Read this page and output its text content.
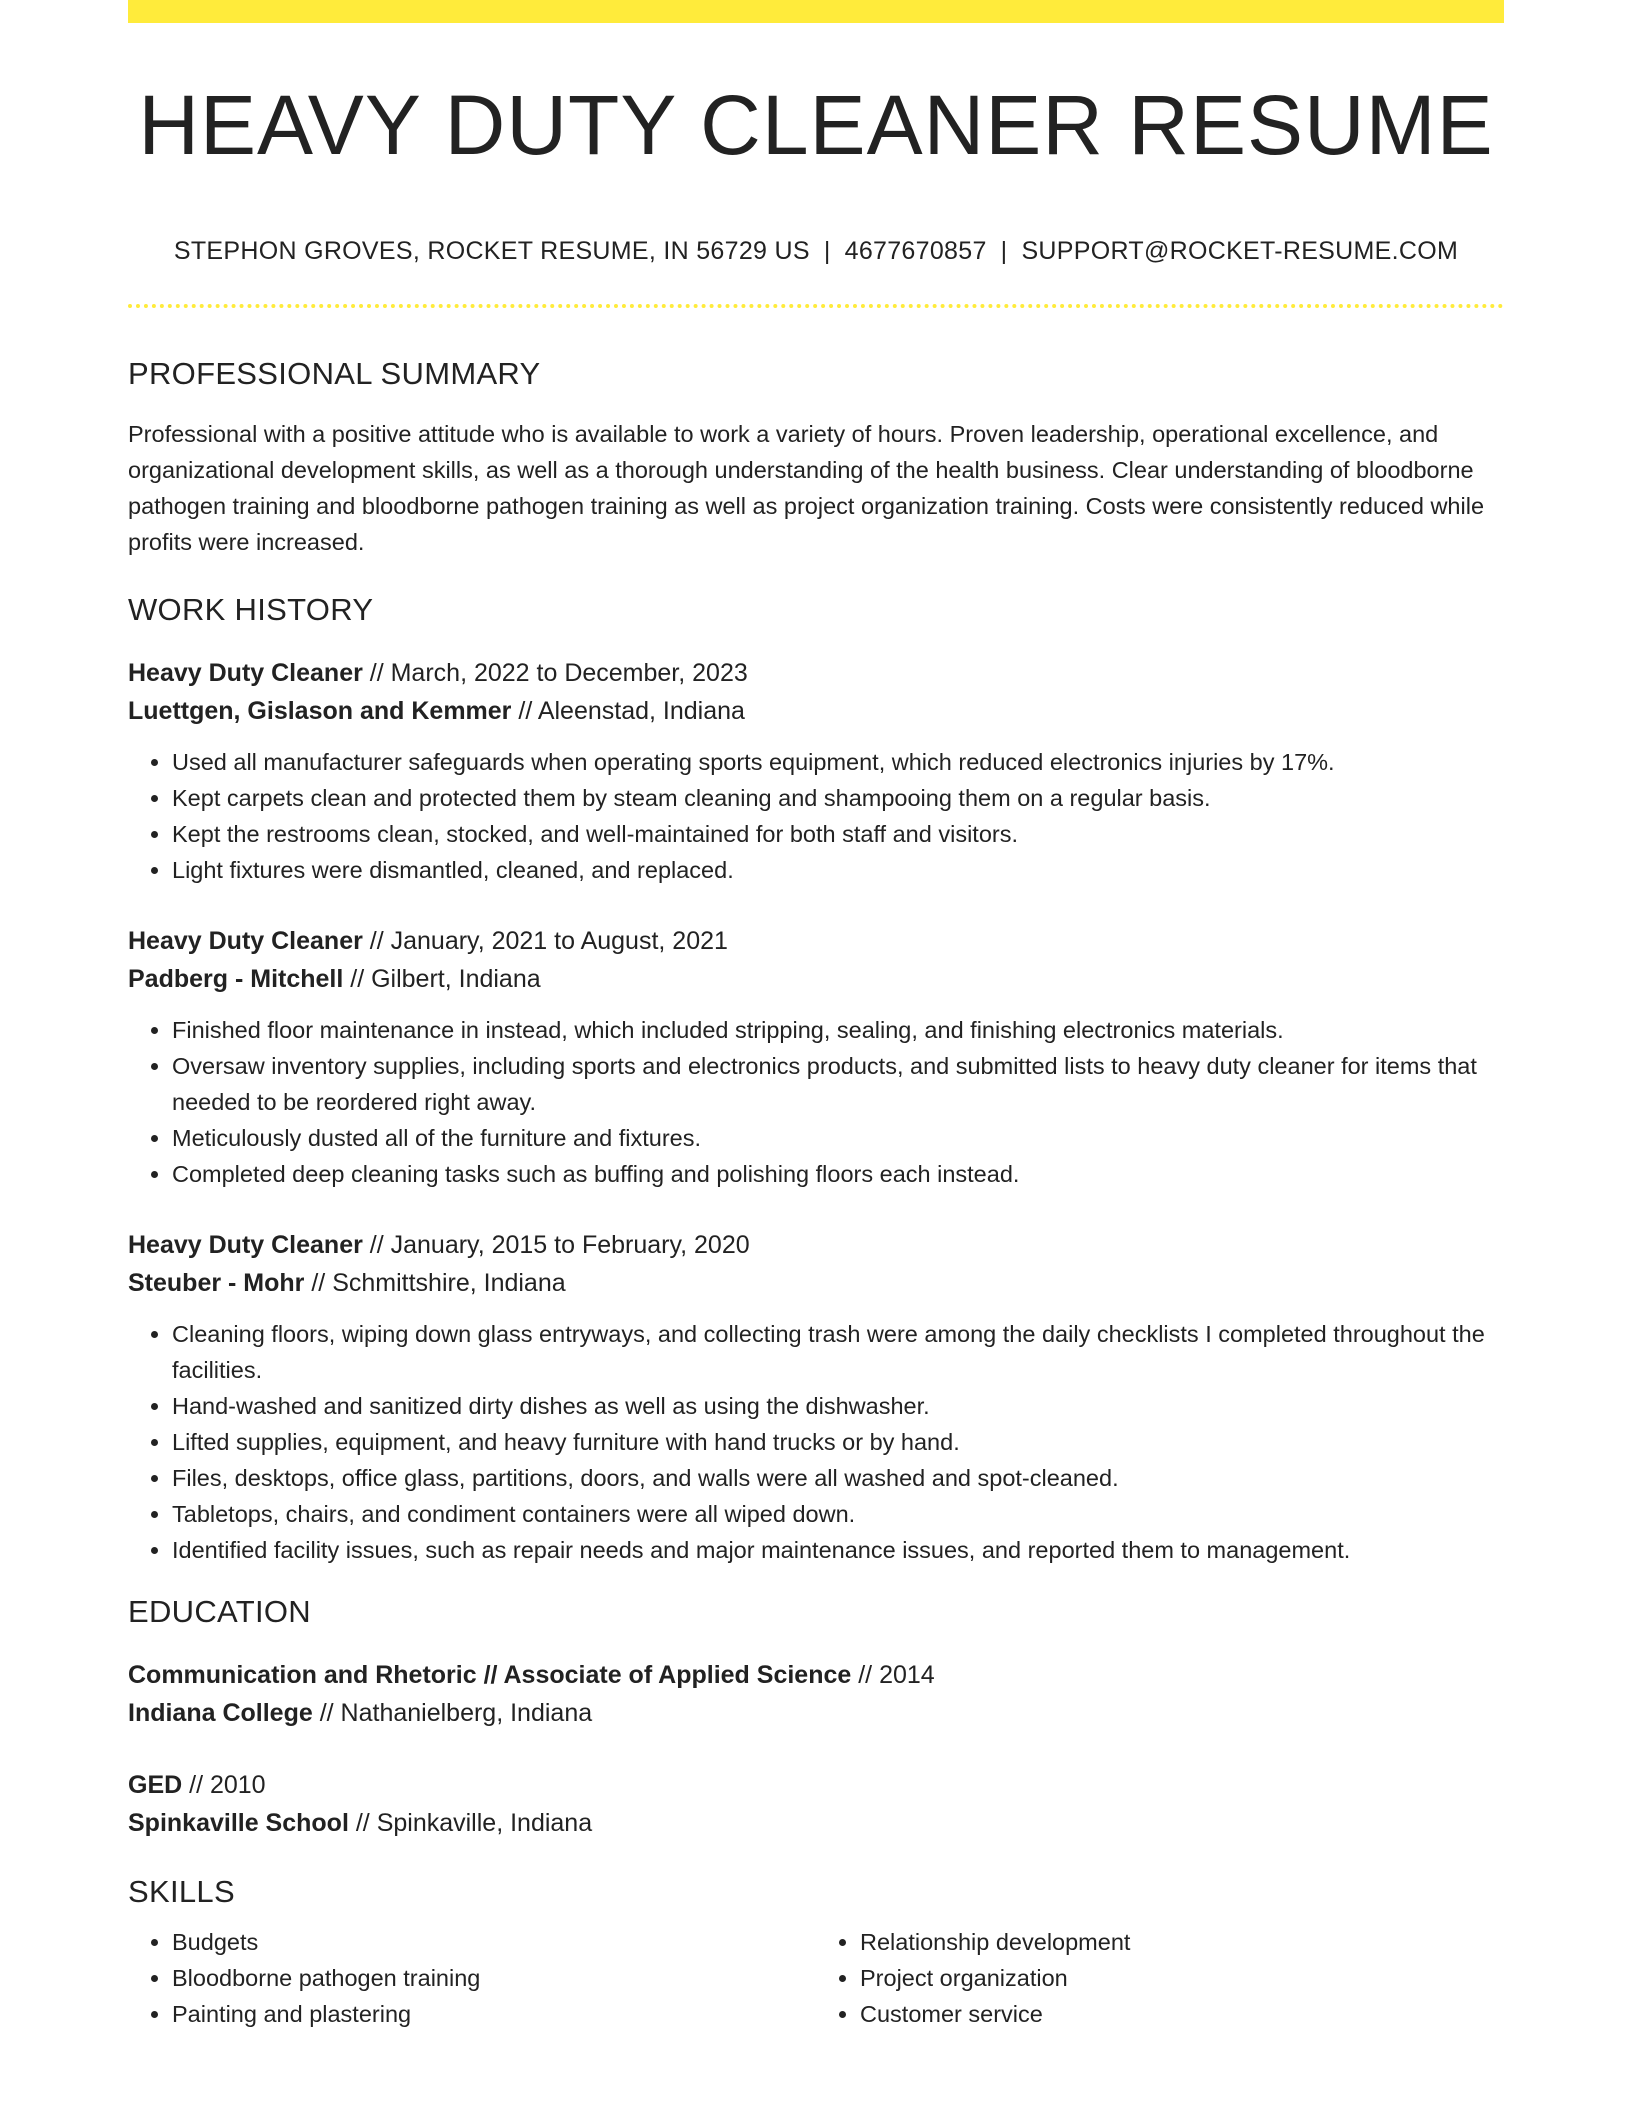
HEAVY DUTY CLEANER RESUME
STEPHON GROVES, ROCKET RESUME, IN 56729 US | 4677670857 | SUPPORT@ROCKET-RESUME.COM
PROFESSIONAL SUMMARY

Professional with a positive attitude who is available to work a variety of hours. Proven leadership, operational excellence, and organizational development skills, as well as a thorough understanding of the health business. Clear understanding of bloodborne pathogen training and bloodborne pathogen training as well as project organization training. Costs were consistently reduced while profits were increased.

WORK HISTORY
Heavy Duty Cleaner // March, 2022 to December, 2023
Luettgen, Gislason and Kemmer // Aleenstad, Indiana
• Used all manufacturer safeguards when operating sports equipment, which reduced electronics injuries by 17%.
• Kept carpets clean and protected them by steam cleaning and shampooing them on a regular basis.
• Kept the restrooms clean, stocked, and well-maintained for both staff and visitors.
• Light fixtures were dismantled, cleaned, and replaced.
Heavy Duty Cleaner // January, 2021 to August, 2021
Padberg - Mitchell // Gilbert, Indiana
• Finished floor maintenance in instead, which included stripping, sealing, and finishing electronics materials.
• Oversaw inventory supplies, including sports and electronics products, and submitted lists to heavy duty cleaner for items that needed to be reordered right away.
• Meticulously dusted all of the furniture and fixtures.
• Completed deep cleaning tasks such as buffing and polishing floors each instead.
Heavy Duty Cleaner // January, 2015 to February, 2020
Steuber - Mohr // Schmittshire, Indiana
• Cleaning floors, wiping down glass entryways, and collecting trash were among the daily checklists I completed throughout the facilities.
• Hand-washed and sanitized dirty dishes as well as using the dishwasher.
• Lifted supplies, equipment, and heavy furniture with hand trucks or by hand.
• Files, desktops, office glass, partitions, doors, and walls were all washed and spot-cleaned.
• Tabletops, chairs, and condiment containers were all wiped down.
• Identified facility issues, such as repair needs and major maintenance issues, and reported them to management.
EDUCATION
Communication and Rhetoric // Associate of Applied Science // 2014
Indiana College // Nathanielberg, Indiana
GED // 2010
Spinkaville School // Spinkaville, Indiana
SKILLS
• Budgets
• Bloodborne pathogen training
• Painting and plastering
• Relationship development
• Project organization
• Customer service
